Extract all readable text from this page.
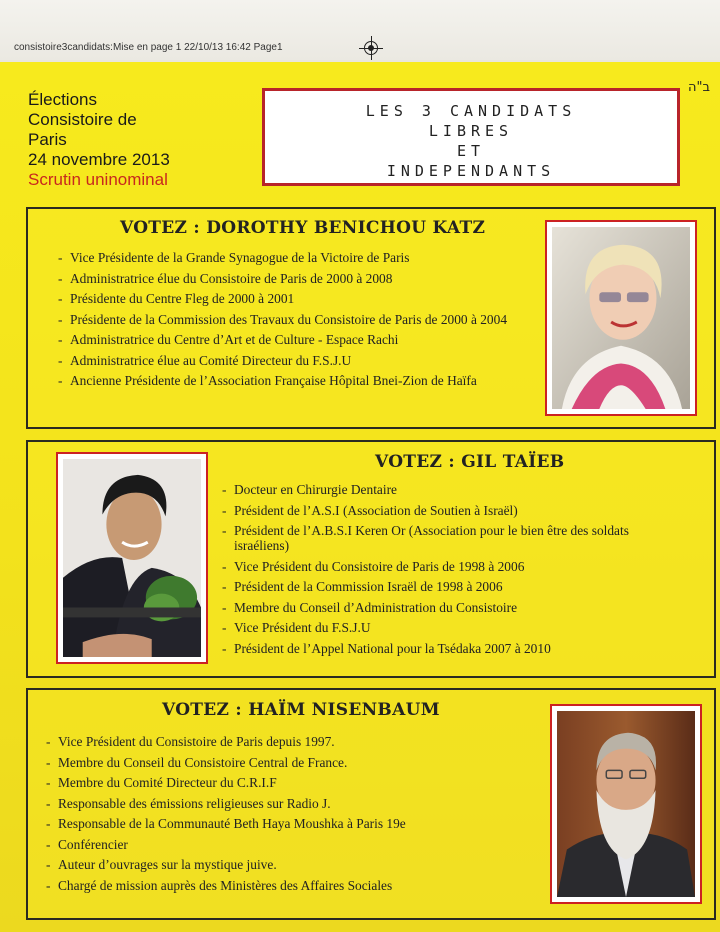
consistoire3candidats:Mise en page 1 22/10/13 16:42 Page1
ב"ה
Élections
Consistoire de
Paris
24 novembre 2013
Scrutin uninominal
LES 3 CANDIDATS
LIBRES
ET
INDEPENDANTS
VOTEZ : DOROTHY BENICHOU KATZ
- Vice Présidente de la Grande Synagogue de la Victoire de Paris
- Administratrice élue du Consistoire de Paris de 2000 à 2008
- Présidente du Centre Fleg de 2000 à 2001
- Présidente de la Commission des Travaux du Consistoire de Paris de 2000 à 2004
- Administratrice du Centre d’Art et de Culture - Espace Rachi
- Administratrice élue au Comité Directeur du F.S.J.U
- Ancienne Présidente de l’Association Française Hôpital Bnei-Zion de Haïfa
VOTEZ : GIL TAÏEB
- Docteur en Chirurgie Dentaire
- Président de l’A.S.I (Association de Soutien à Israël)
- Président de l’A.B.S.I Keren Or (Association pour le bien être des soldats israéliens)
- Vice Président du Consistoire de Paris de 1998 à 2006
- Président de la Commission Israël de 1998 à 2006
- Membre du Conseil d’Administration du Consistoire
- Vice Président du F.S.J.U
- Président de l’Appel National pour la Tsédaka 2007 à 2010
VOTEZ : HAÏM NISENBAUM
- Vice Président du Consistoire de Paris depuis 1997.
- Membre du Conseil du Consistoire Central de France.
- Membre du Comité Directeur du C.R.I.F
- Responsable des émissions religieuses sur Radio J.
- Responsable de la Communauté Beth Haya Moushka à Paris 19e
- Conférencier
- Auteur d’ouvrages sur la mystique juive.
- Chargé de mission auprès des Ministères des Affaires Sociales
